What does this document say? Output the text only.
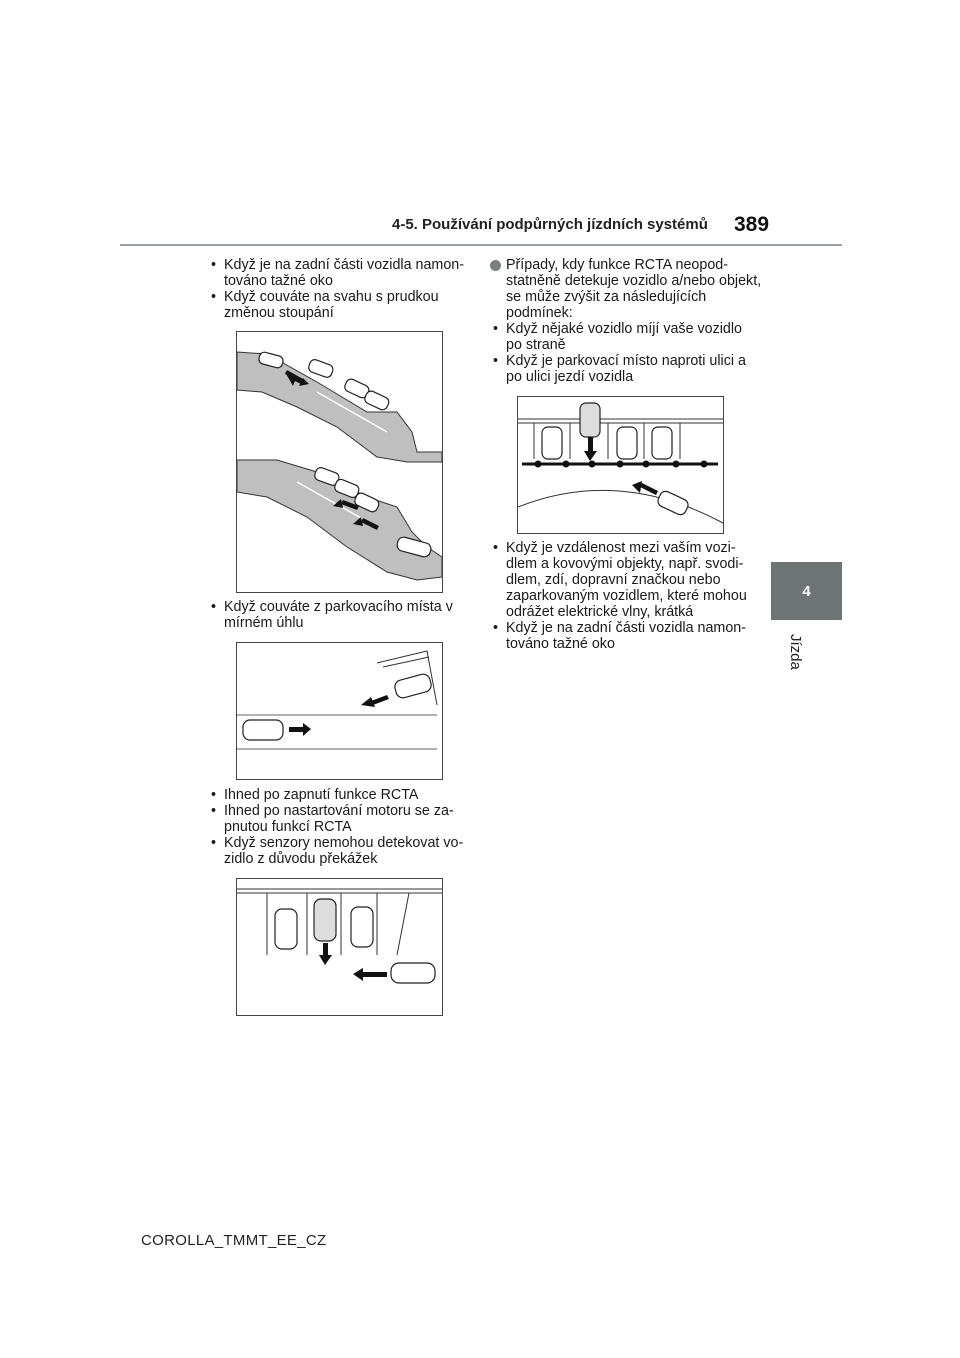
4-5. Používání podpůrných jízdních systémů 389
4
Jízda
• Když je na zadní části vozidla namontováno tažné oko
• Když couváte na svahu s prudkou změnou stoupání
• Když couváte z parkovacího místa v mírném úhlu
• Ihned po zapnutí funkce RCTA
• Ihned po nastartování motoru se zapnutou funkcí RCTA
• Když senzory nemohou detekovat vozidlo z důvodu překážek
Případy, kdy funkce RCTA neopodstatněně detekuje vozidlo a/nebo objekt, se může zvýšit za následujících podmínek:
• Když nějaké vozidlo míjí vaše vozidlo po straně
• Když je parkovací místo naproti ulici a po ulici jezdí vozidla
• Když je vzdálenost mezi vaším vozidlem a kovovými objekty, např. svodidlem, zdí, dopravní značkou nebo zaparkovaným vozidlem, které mohou odrážet elektrické vlny, krátká
• Když je na zadní části vozidla namontováno tažné oko
COROLLA_TMMT_EE_CZ
